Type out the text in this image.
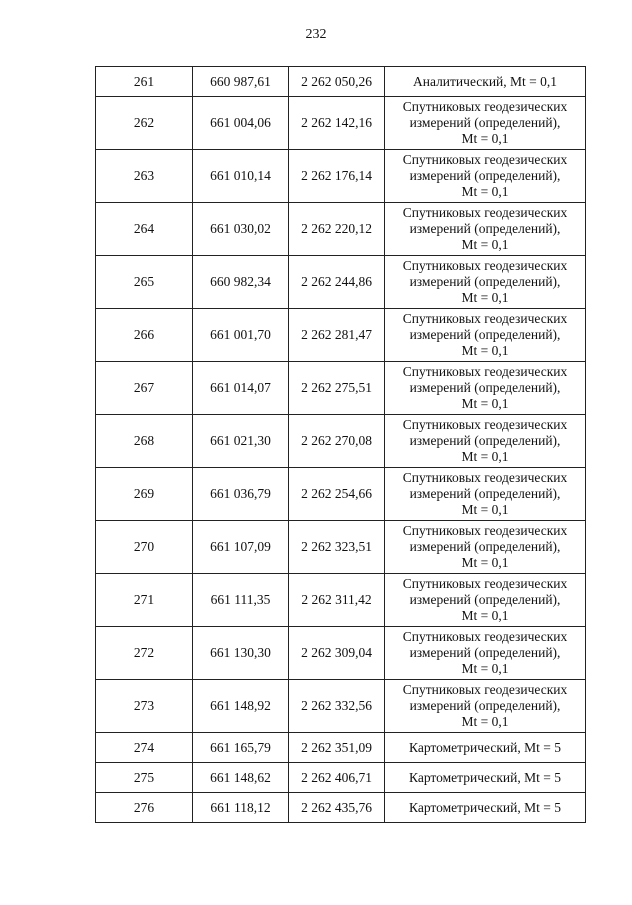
232
261	660 987,61	2 262 050,26	Аналитический, Mt = 0,1
262	661 004,06	2 262 142,16	Спутниковых геодезических
измерений (определений),
Mt = 0,1
263	661 010,14	2 262 176,14	Спутниковых геодезических
измерений (определений),
Mt = 0,1
264	661 030,02	2 262 220,12	Спутниковых геодезических
измерений (определений),
Mt = 0,1
265	660 982,34	2 262 244,86	Спутниковых геодезических
измерений (определений),
Mt = 0,1
266	661 001,70	2 262 281,47	Спутниковых геодезических
измерений (определений),
Mt = 0,1
267	661 014,07	2 262 275,51	Спутниковых геодезических
измерений (определений),
Mt = 0,1
268	661 021,30	2 262 270,08	Спутниковых геодезических
измерений (определений),
Mt = 0,1
269	661 036,79	2 262 254,66	Спутниковых геодезических
измерений (определений),
Mt = 0,1
270	661 107,09	2 262 323,51	Спутниковых геодезических
измерений (определений),
Mt = 0,1
271	661 111,35	2 262 311,42	Спутниковых геодезических
измерений (определений),
Mt = 0,1
272	661 130,30	2 262 309,04	Спутниковых геодезических
измерений (определений),
Mt = 0,1
273	661 148,92	2 262 332,56	Спутниковых геодезических
измерений (определений),
Mt = 0,1
274	661 165,79	2 262 351,09	Картометрический, Mt = 5
275	661 148,62	2 262 406,71	Картометрический, Mt = 5
276	661 118,12	2 262 435,76	Картометрический, Mt = 5
